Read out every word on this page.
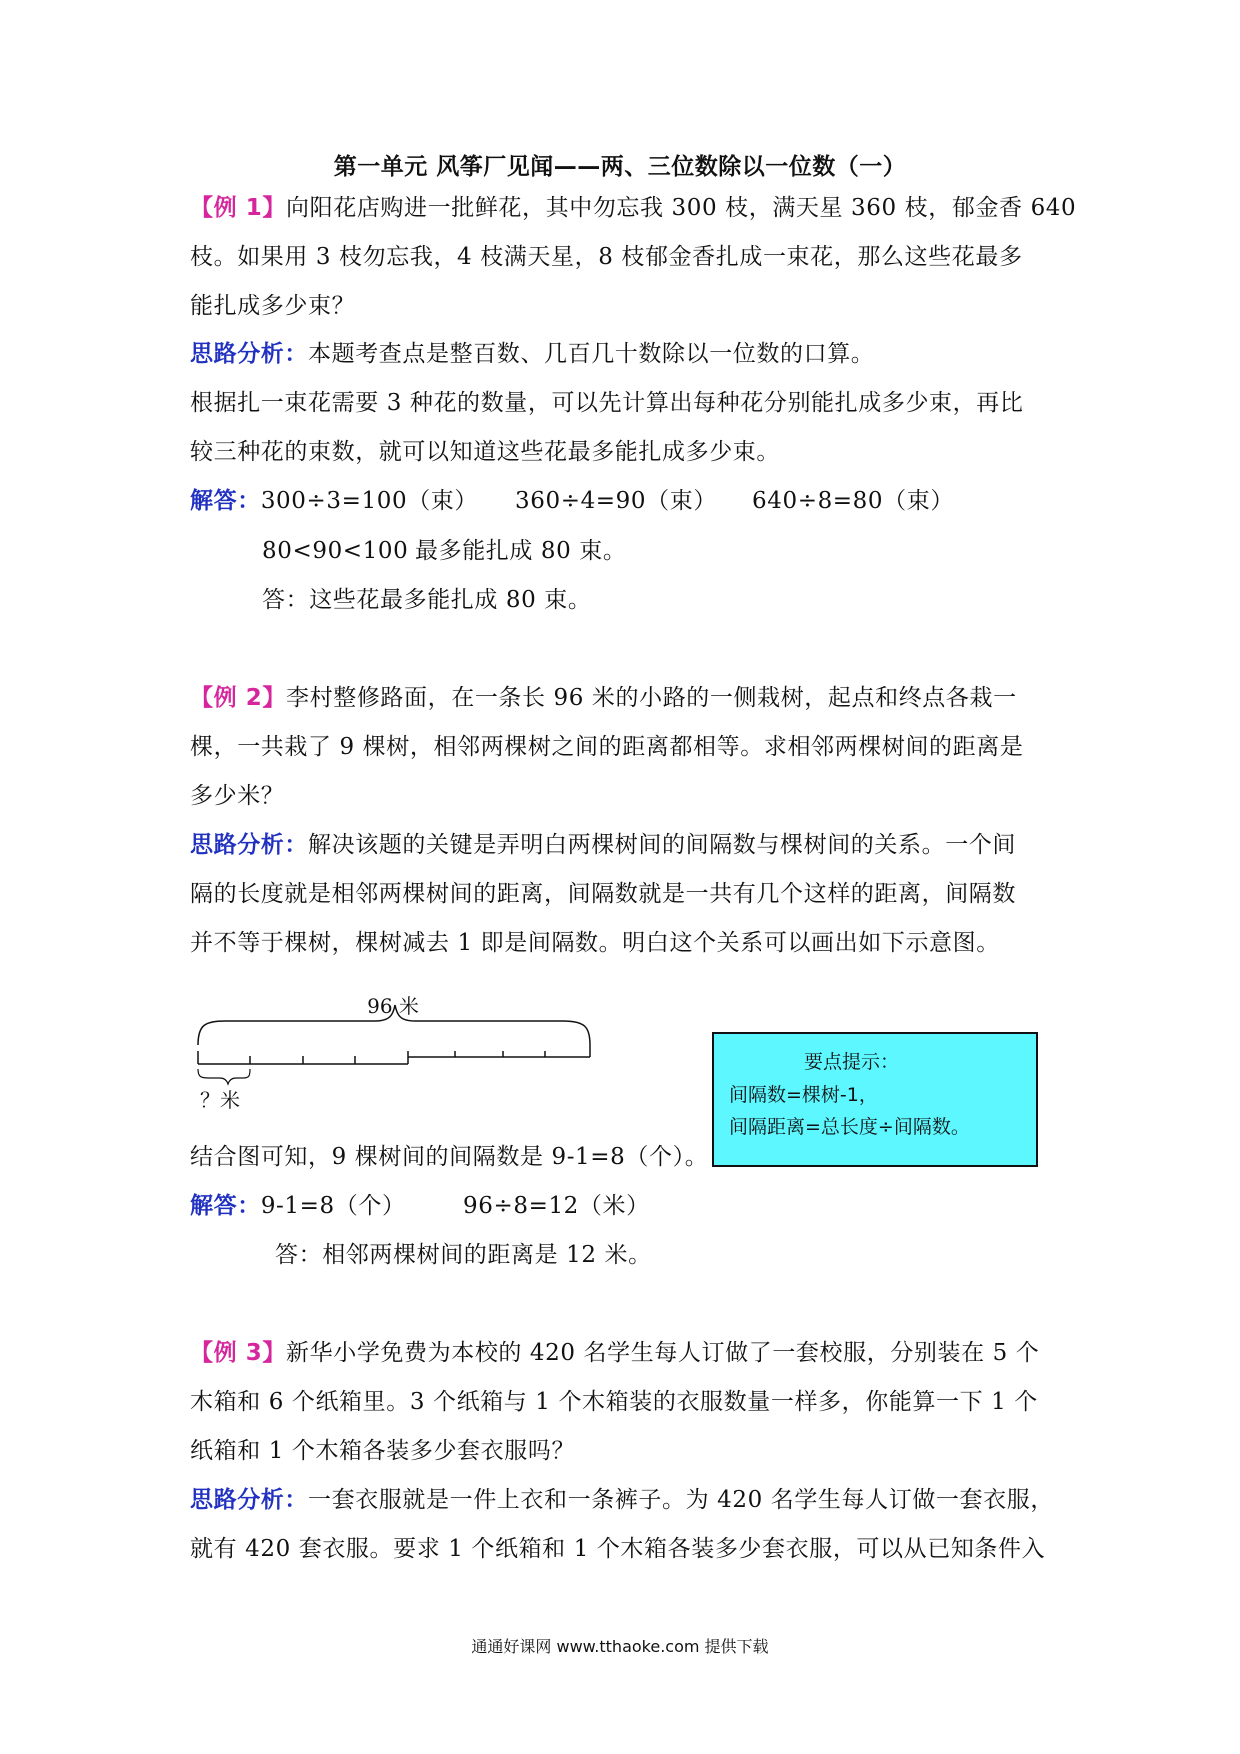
第一单元 风筝厂见闻——两、三位数除以一位数（一）
【例 1】向阳花店购进一批鲜花，其中勿忘我 300 枝，满天星 360 枝，郁金香 640
枝。如果用 3 枝勿忘我，4 枝满天星，8 枝郁金香扎成一束花，那么这些花最多
能扎成多少束？
思路分析：本题考查点是整百数、几百几十数除以一位数的口算。
根据扎一束花需要 3 种花的数量，可以先计算出每种花分别能扎成多少束，再比
较三种花的束数，就可以知道这些花最多能扎成多少束。
解答：300÷3=100（束） 360÷4=90（束） 640÷8=80（束）
80<90<100 最多能扎成 80 束。
答：这些花最多能扎成 80 束。
【例 2】李村整修路面，在一条长 96 米的小路的一侧栽树，起点和终点各栽一
棵，一共栽了 9 棵树，相邻两棵树之间的距离都相等。求相邻两棵树间的距离是
多少米？
思路分析：解决该题的关键是弄明白两棵树间的间隔数与棵树间的关系。一个间
隔的长度就是相邻两棵树间的距离，间隔数就是一共有几个这样的距离，间隔数
并不等于棵树，棵树减去 1 即是间隔数。明白这个关系可以画出如下示意图。
96 米
？米
要点提示：
间隔数=棵树-1，
间隔距离=总长度÷间隔数。
结合图可知，9 棵树间的间隔数是 9-1=8（个）。
解答：9-1=8（个） 96÷8=12（米）
答：相邻两棵树间的距离是 12 米。
【例 3】新华小学免费为本校的 420 名学生每人订做了一套校服，分别装在 5 个
木箱和 6 个纸箱里。3 个纸箱与 1 个木箱装的衣服数量一样多，你能算一下 1 个
纸箱和 1 个木箱各装多少套衣服吗？
思路分析：一套衣服就是一件上衣和一条裤子。为 420 名学生每人订做一套衣服，
就有 420 套衣服。要求 1 个纸箱和 1 个木箱各装多少套衣服，可以从已知条件入
通通好课网 www.tthaoke.com 提供下载
